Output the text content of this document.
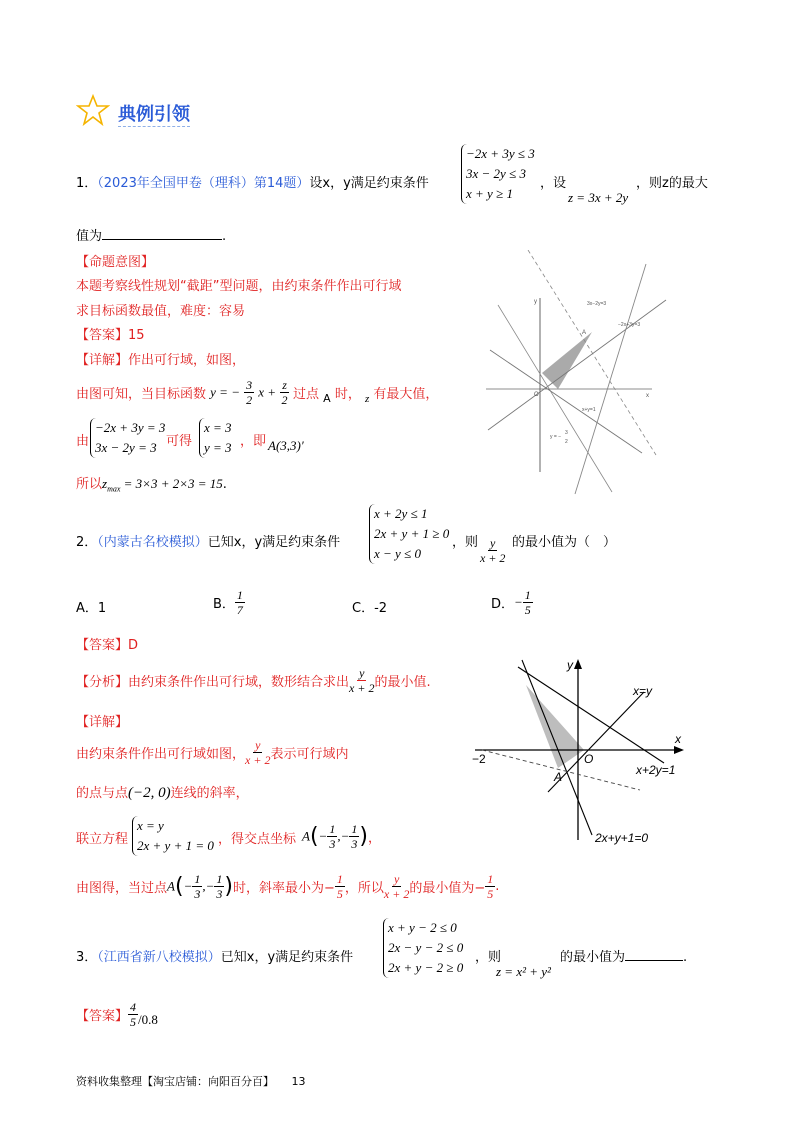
典例引领
1．（2023年全国甲卷（理科）第14题）设x，y满足约束条件
−2x + 3y ≤ 3
3x − 2y ≤ 3
x + y ≥ 1
，设
z = 3x + 2y
，则z的最大
值为	.
【命题意图】
本题考察线性规划“截距”型问题，由约束条件作出可行域
求目标函数最值，难度：容易
【答案】15
【详解】作出可行域，如图，
由图可知，当目标函数 y = − $\frac{3}{2}$ $x + \frac{z}{2}$ 过点 $_A$ 时， $_z$ 有最大值，
由
−2x + 3y = 3
3x − 2y = 3 可得
x = 3
y = 3 ，即 A(3,3)′
所以$z_{max} = 3\times 3 + 2\times 3 = 15$.
y
x
O
A
3x−2y=3
−2x+3y=3
x+y=1
y = −
3
2
2．（内蒙古名校模拟）已知x，y满足约束条件
x + 2y ≤ 1
2x + y + 1 ≥ 0
x − y ≤ 0
，则 $\frac{y}{x + 2}$ 的最小值为（　）
A．1	B． $\frac{1}{7}$	C．-2	D．− $\frac{1}{5}$
【答案】D
【分析】由约束条件作出可行域，数形结合求出 $\frac{y}{x + 2}$ 的最小值.
【详解】
由约束条件作出可行域如图， $\frac{y}{x + 2}$ 表示可行域内
的点与点(−2, 0)连线的斜率，
联立方程
x = y
2x + y + 1 = 0 ，得交点坐标 $A(- \frac{1}{3}$ ,− $\frac{1}{3}$ )，
由图得，当过点$A(- \frac{1}{3}$ ,− $\frac{1}{3}$ )时，斜率最小为− $\frac{1}{5}$ ，所以 $\frac{y}{x + 2}$ 的最小值为− $\frac{1}{5}$ .
y
x
O
−2
A
x=y
x+2y=1
2x+y+1=0
3．（江西省新八校模拟）已知x，y满足约束条件
x + y − 2 ≤ 0
2x − y − 2 ≤ 0
2x + y − 2 ≥ 0
，则
z = x² + y²
的最小值为	.
【答案】 $\frac{4}{5} /0.8$
资料收集整理【淘宝店铺：向阳百分百】 13
